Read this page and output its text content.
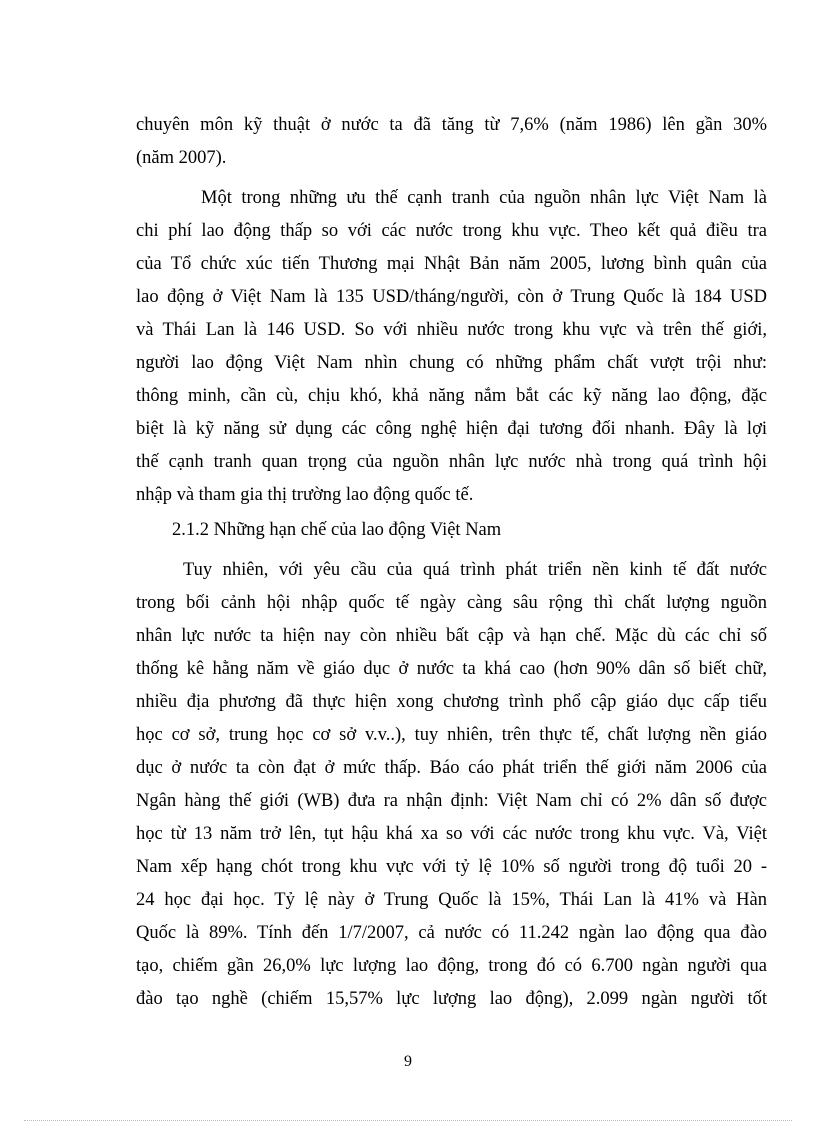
chuyên môn kỹ thuật ở nước ta đã tăng từ 7,6% (năm 1986) lên gần 30%

(năm 2007).

Một trong những ưu thế cạnh tranh của nguồn nhân lực Việt Nam là

chi phí lao động thấp so với các nước trong khu vực. Theo kết quả điều tra

của Tổ chức xúc tiến Thương mại Nhật Bản năm 2005, lương bình quân của

lao động ở Việt Nam là 135 USD/tháng/người, còn ở Trung Quốc là 184 USD

và Thái Lan là 146 USD. So với nhiều nước trong khu vực và trên thế giới,

người lao động Việt Nam nhìn chung có những phẩm chất vượt trội như:

thông minh, cần cù, chịu khó, khả năng nắm bắt các kỹ năng lao động, đặc

biệt là kỹ năng sử dụng các công nghệ hiện đại tương đối nhanh. Đây là lợi

thế cạnh tranh quan trọng của nguồn nhân lực nước nhà trong quá trình hội

nhập và tham gia thị trường lao động quốc tế.

2.1.2 Những hạn chế của lao động Việt Nam

Tuy nhiên, với yêu cầu của quá trình phát triển nền kinh tế đất nước

trong bối cảnh hội nhập quốc tế ngày càng sâu rộng thì chất lượng nguồn

nhân lực nước ta hiện nay còn nhiều bất cập và hạn chế. Mặc dù các chỉ số

thống kê hằng năm về giáo dục ở nước ta khá cao (hơn 90% dân số biết chữ,

nhiều địa phương đã thực hiện xong chương trình phổ cập giáo dục cấp tiểu

học cơ sở, trung học cơ sở v.v..), tuy nhiên, trên thực tế, chất lượng nền giáo

dục ở nước ta còn đạt ở mức thấp. Báo cáo phát triển thế giới năm 2006 của

Ngân hàng thế giới (WB) đưa ra nhận định: Việt Nam chỉ có 2% dân số được

học từ 13 năm trở lên, tụt hậu khá xa so với các nước trong khu vực. Và, Việt

Nam xếp hạng chót trong khu vực với tỷ lệ 10% số người trong độ tuổi 20 -

24 học đại học. Tỷ lệ này ở Trung Quốc là 15%, Thái Lan là 41% và Hàn

Quốc là 89%. Tính đến 1/7/2007, cả nước có 11.242 ngàn lao động qua đào

tạo, chiếm gần 26,0% lực lượng lao động, trong đó có 6.700 ngàn người qua

đào tạo nghề (chiếm 15,57% lực lượng lao động), 2.099 ngàn người tốt

9
